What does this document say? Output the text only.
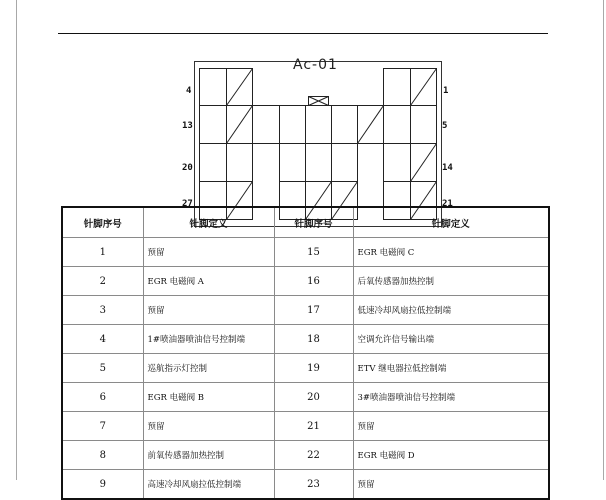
Ac-01
4
13
20
27
1
5
14
21
针脚序号	针脚定义	针脚序号	针脚定义
1	预留	15	EGR 电磁阀 C
2	EGR 电磁阀 A	16	后氧传感器加热控制
3	预留	17	低速冷却风扇拉低控制端
4	1#喷油器喷油信号控制端	18	空调允许信号输出端
5	巡航指示灯控制	19	ETV 继电器拉低控制端
6	EGR 电磁阀 B	20	3#喷油器喷油信号控制端
7	预留	21	预留
8	前氧传感器加热控制	22	EGR 电磁阀 D
9	高速冷却风扇拉低控制端	23	预留
